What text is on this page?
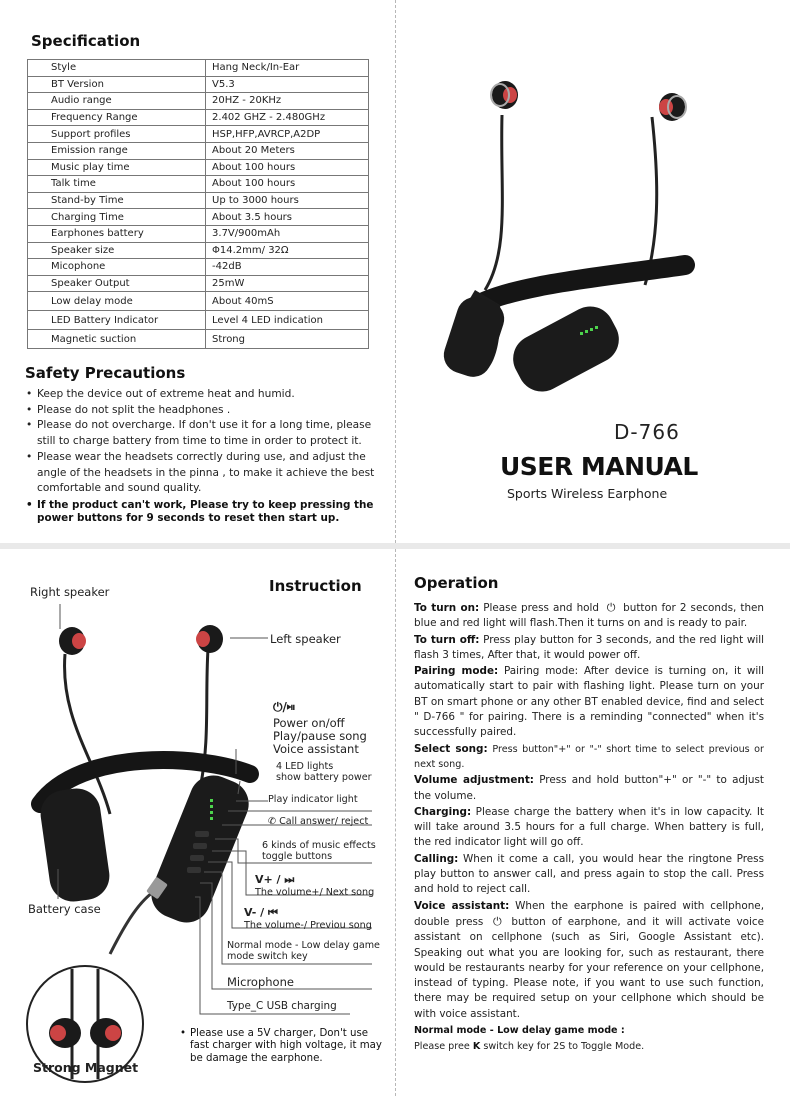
Specification
Style	Hang Neck/In-Ear
BT Version	V5.3
Audio range	20HZ - 20KHz
Frequency Range	2.402 GHZ - 2.480GHz
Support profiles	HSP,HFP,AVRCP,A2DP
Emission range	About 20 Meters
Music play time	About 100 hours
Talk time	About 100 hours
Stand-by Time	Up to 3000 hours
Charging Time	About 3.5 hours
Earphones battery	3.7V/900mAh
Speaker size	Φ14.2mm/ 32Ω
Micophone	-42dB
Speaker Output	25mW
Low delay mode	About 40mS
LED Battery Indicator	Level 4 LED indication
Magnetic suction	Strong
Safety Precautions
• Keep the device out of extreme heat and humid.
• Please do not split the headphones .
• Please do not overcharge. If don't use it for a long time, please still to charge battery from time to time in order to protect it.
• Please wear the headsets correctly during use, and adjust the angle of the headsets in the pinna , to make it achieve the best comfortable and sound quality.
• If the product can't work, Please try to keep pressing the power buttons for 9 seconds to reset then start up.
D-766
USER MANUAL
Sports Wireless Earphone
Instruction
Right speaker
Left speaker
⏻/⏯
Power on/off
Play/pause song
Voice assistant
4 LED lights
show battery power
Play indicator light
✆ Call answer/ reject
6 kinds of music effects
toggle buttons
V+ / ⏭
The volume+/ Next song
V- / ⏮
The volume-/ Previou song
Normal mode - Low delay game
mode switch key
Microphone
Type_C USB charging
Battery case
• Please use a 5V charger, Don't use fast charger with high voltage, it may be damage the earphone.
Strong Magnet
Operation

To turn on: Please press and hold ⏻ button for 2 seconds, then blue and red light will flash.Then it turns on and is ready to pair.

To turn off: Press play button for 3 seconds, and the red light will flash 3 times, After that, it would power off.

Pairing mode: Pairing mode: After device is turning on, it will automatically start to pair with flashing light. Please turn on your BT on smart phone or any other BT enabled device, find and select " D-766 " for pairing. There is a reminding "connected" when it's successfully paired.

Select song: Press button"+" or "-" short time to select previous or next song.

Volume adjustment: Press and hold button"+" or "-" to adjust the volume.

Charging: Please charge the battery when it's in low capacity. It will take around 3.5 hours for a full charge. When battery is full, the red indicator light will go off.

Calling: When it come a call, you would hear the ringtone Press play button to answer call, and press again to stop the call. Press and hold to reject call.

Voice assistant: When the earphone is paired with cellphone, double press ⏻ button of earphone, and it will activate voice assistant on cellphone (such as Siri, Google Assistant etc). Speaking out what you are looking for, such as restaurant, there would be restaurants nearby for your reference on your cellphone, instead of typing. Please note, if you want to use such function, there may be required setup on your cellphone which should be with voice assistant.

Normal mode - Low delay game mode :

Please pree K switch key for 2S to Toggle Mode.
